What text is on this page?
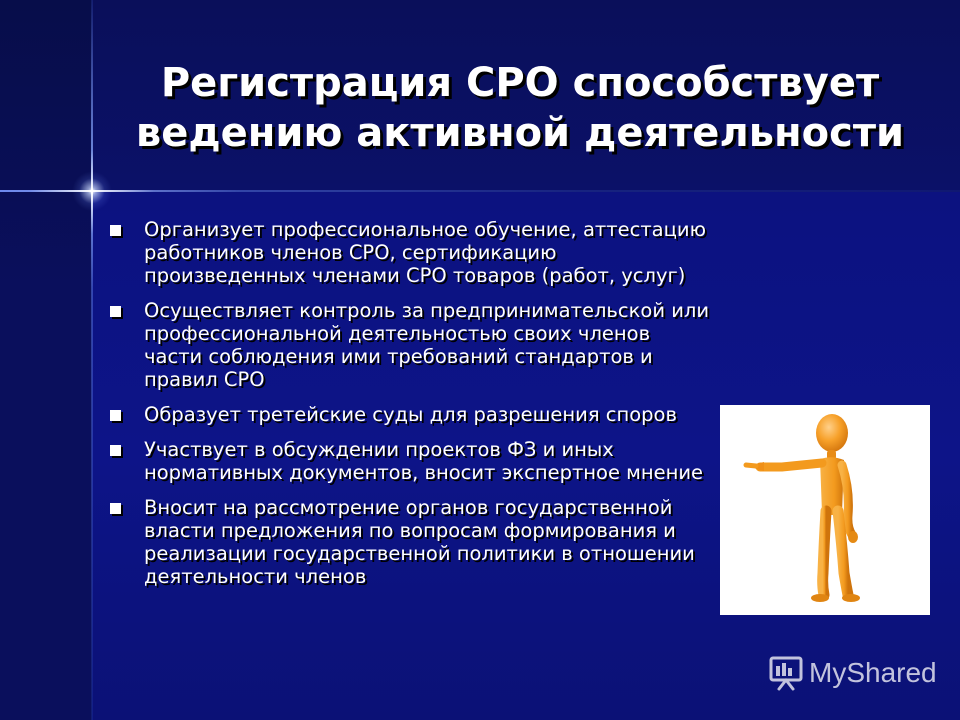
Регистрация СРО способствует
ведению активной деятельности
Организует профессиональное обучение, аттестацию работников членов СРО, сертификацию произведенных членами СРО товаров (работ, услуг)
Осуществляет контроль за предпринимательской или профессиональной деятельностью своих членов части соблюдения ими требований стандартов и правил СРО
Образует третейские суды для разрешения споров
Участвует в обсуждении проектов ФЗ и иных нормативных документов, вносит экспертное мнение
Вносит на рассмотрение органов государственной власти предложения по вопросам формирования и реализации государственной политики в отношении деятельности членов
MyShared
